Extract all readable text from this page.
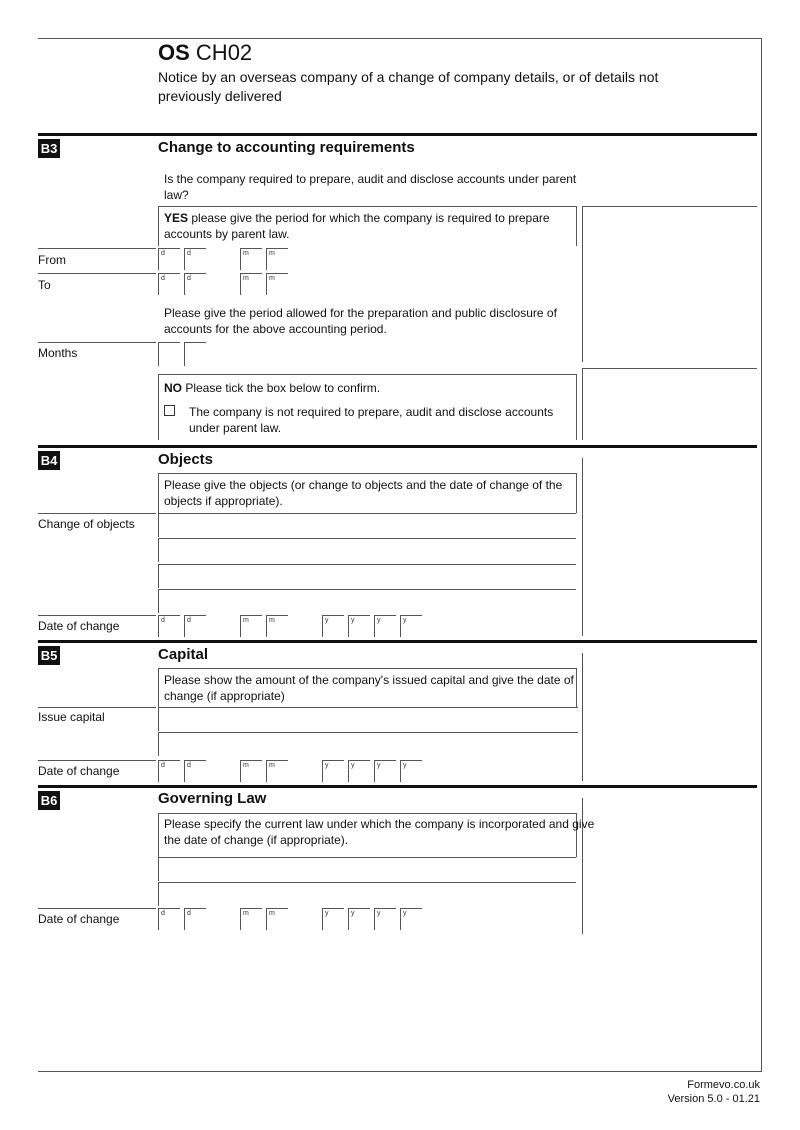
OS CH02
Notice by an overseas company of a change of company details, or of details not
previously delivered
B3	Change to accounting requirements
Is the company required to prepare, audit and disclose accounts under parent
law?
YES please give the period for which the company is required to prepare
accounts by parent law.
From	d	d	m	m
To	d	d	m	m
Please give the period allowed for the preparation and public disclosure of
accounts for the above accounting period.
Months
NO Please tick the box below to confirm.
The company is not required to prepare, audit and disclose accounts
under parent law.
B4	Objects
Please give the objects (or change to objects and the date of change of the
objects if appropriate).
Change of objects
Date of change	d	d	m	m	y	y	y	y
B5	Capital
Please show the amount of the company's issued capital and give the date of
change (if appropriate)
Issue capital
Date of change	d	d	m	m	y	y	y	y
B6	Governing Law
Please specify the current law under which the company is incorporated and give
the date of change (if appropriate).
Date of change	d	d	m	m	y	y	y	y
Formevo.co.uk
Version 5.0 - 01.21
